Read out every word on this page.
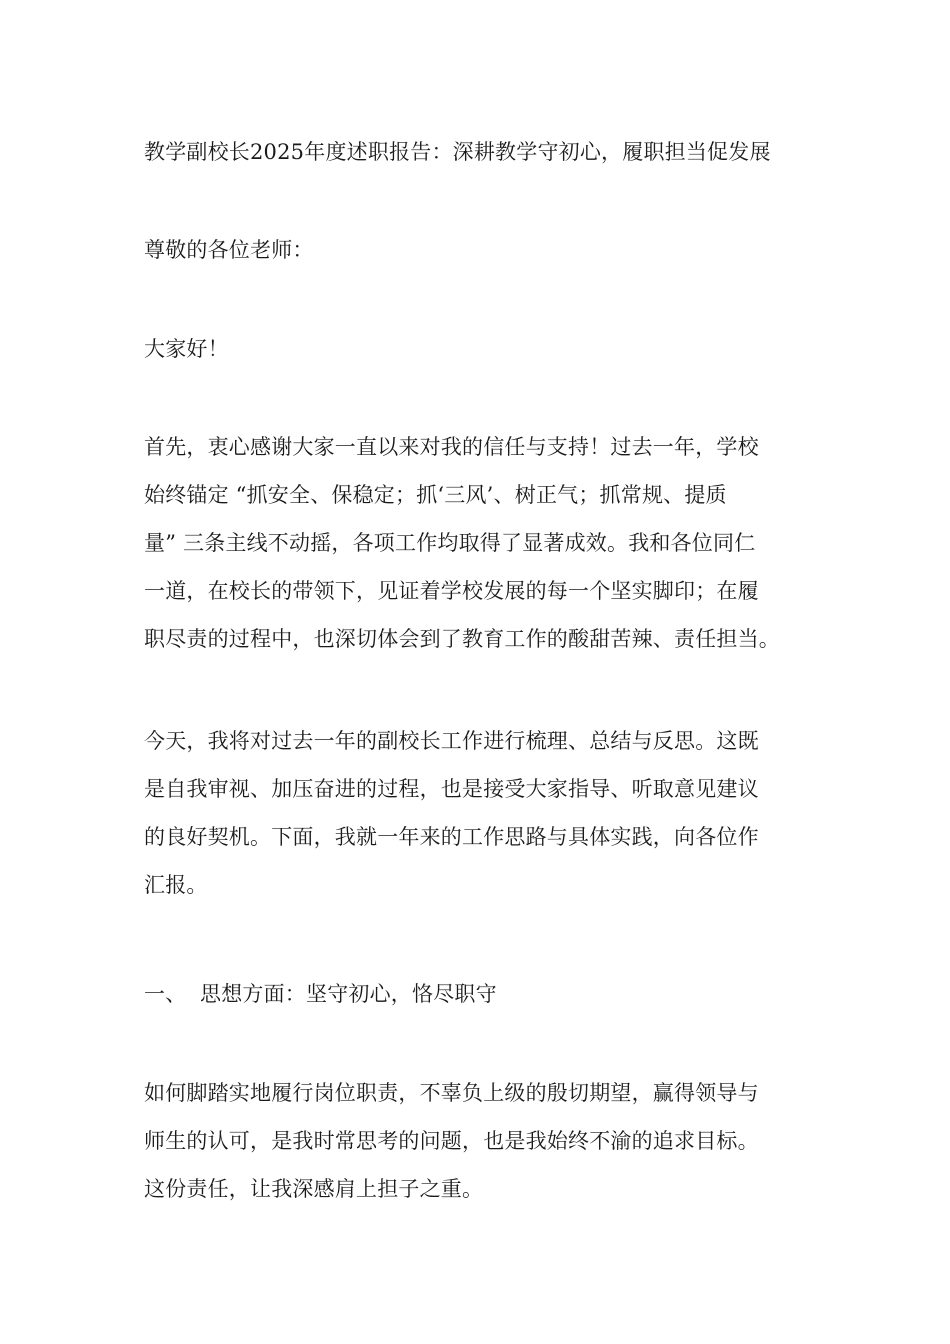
教学副校长2025年度述职报告：深耕教学守初心，履职担当促发展

尊敬的各位老师：

大家好！

首先，衷心感谢大家一直以来对我的信任与支持！过去一年，学校
始终锚定 “抓安全、保稳定；抓‘三风’、树正气；抓常规、提质
量” 三条主线不动摇，各项工作均取得了显著成效。我和各位同仁
一道，在校长的带领下，见证着学校发展的每一个坚实脚印；在履
职尽责的过程中，也深切体会到了教育工作的酸甜苦辣、责任担当。

今天，我将对过去一年的副校长工作进行梳理、总结与反思。这既
是自我审视、加压奋进的过程，也是接受大家指导、听取意见建议
的良好契机。下面，我就一年来的工作思路与具体实践，向各位作
汇报。

一、 思想方面：坚守初心，恪尽职守

如何脚踏实地履行岗位职责，不辜负上级的殷切期望，赢得领导与
师生的认可，是我时常思考的问题，也是我始终不渝的追求目标。
这份责任，让我深感肩上担子之重。
